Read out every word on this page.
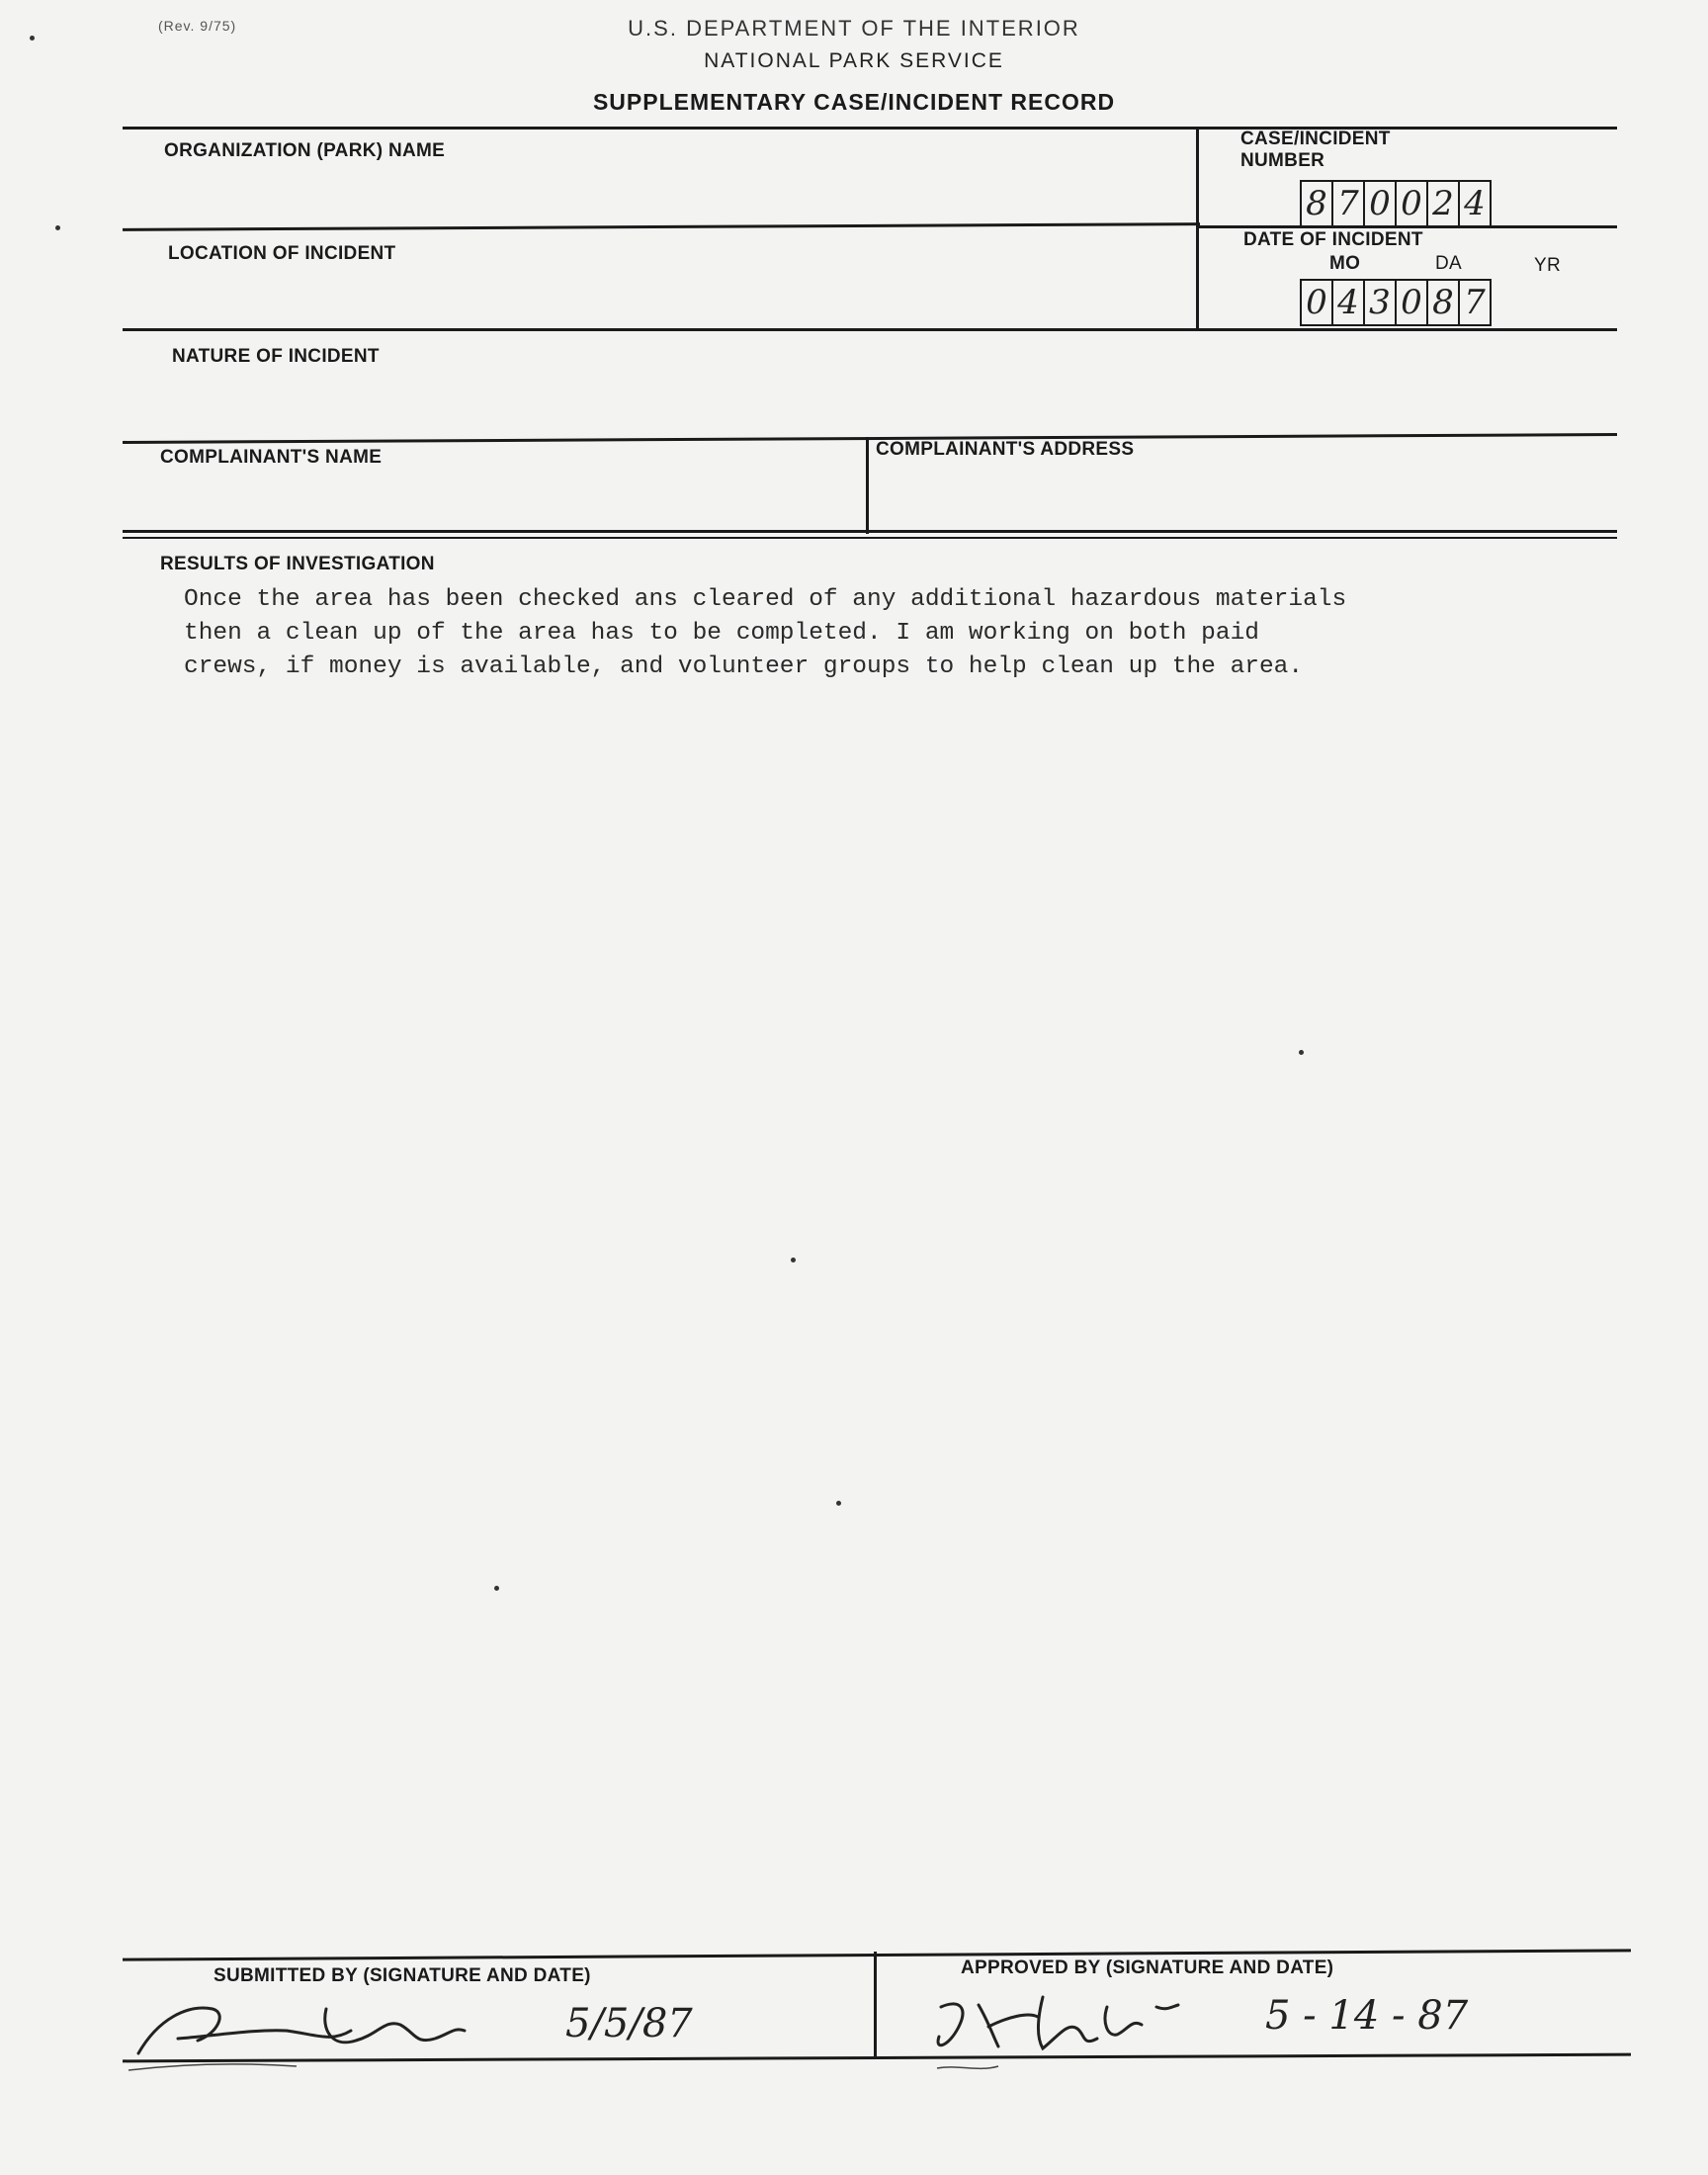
(Rev. 9/75)	U.S. DEPARTMENT OF THE INTERIOR
NATIONAL PARK SERVICE
SUPPLEMENTARY CASE/INCIDENT RECORD
ORGANIZATION (PARK) NAME
CASE/INCIDENT
NUMBER
8 7 0 0 2 4
LOCATION OF INCIDENT
DATE OF INCIDENT
MO	DA	YR
0 4 3 0 8 7
NATURE OF INCIDENT
COMPLAINANT'S NAME	COMPLAINANT'S ADDRESS
RESULTS OF INVESTIGATION
Once the area has been checked ans cleared of any additional hazardous materials
then a clean up of the area has to be completed. I am working on both paid
crews, if money is available, and volunteer groups to help clean up the area.
SUBMITTED BY (SIGNATURE AND DATE)	APPROVED BY (SIGNATURE AND DATE)
5/5/87	5 - 14 - 87
